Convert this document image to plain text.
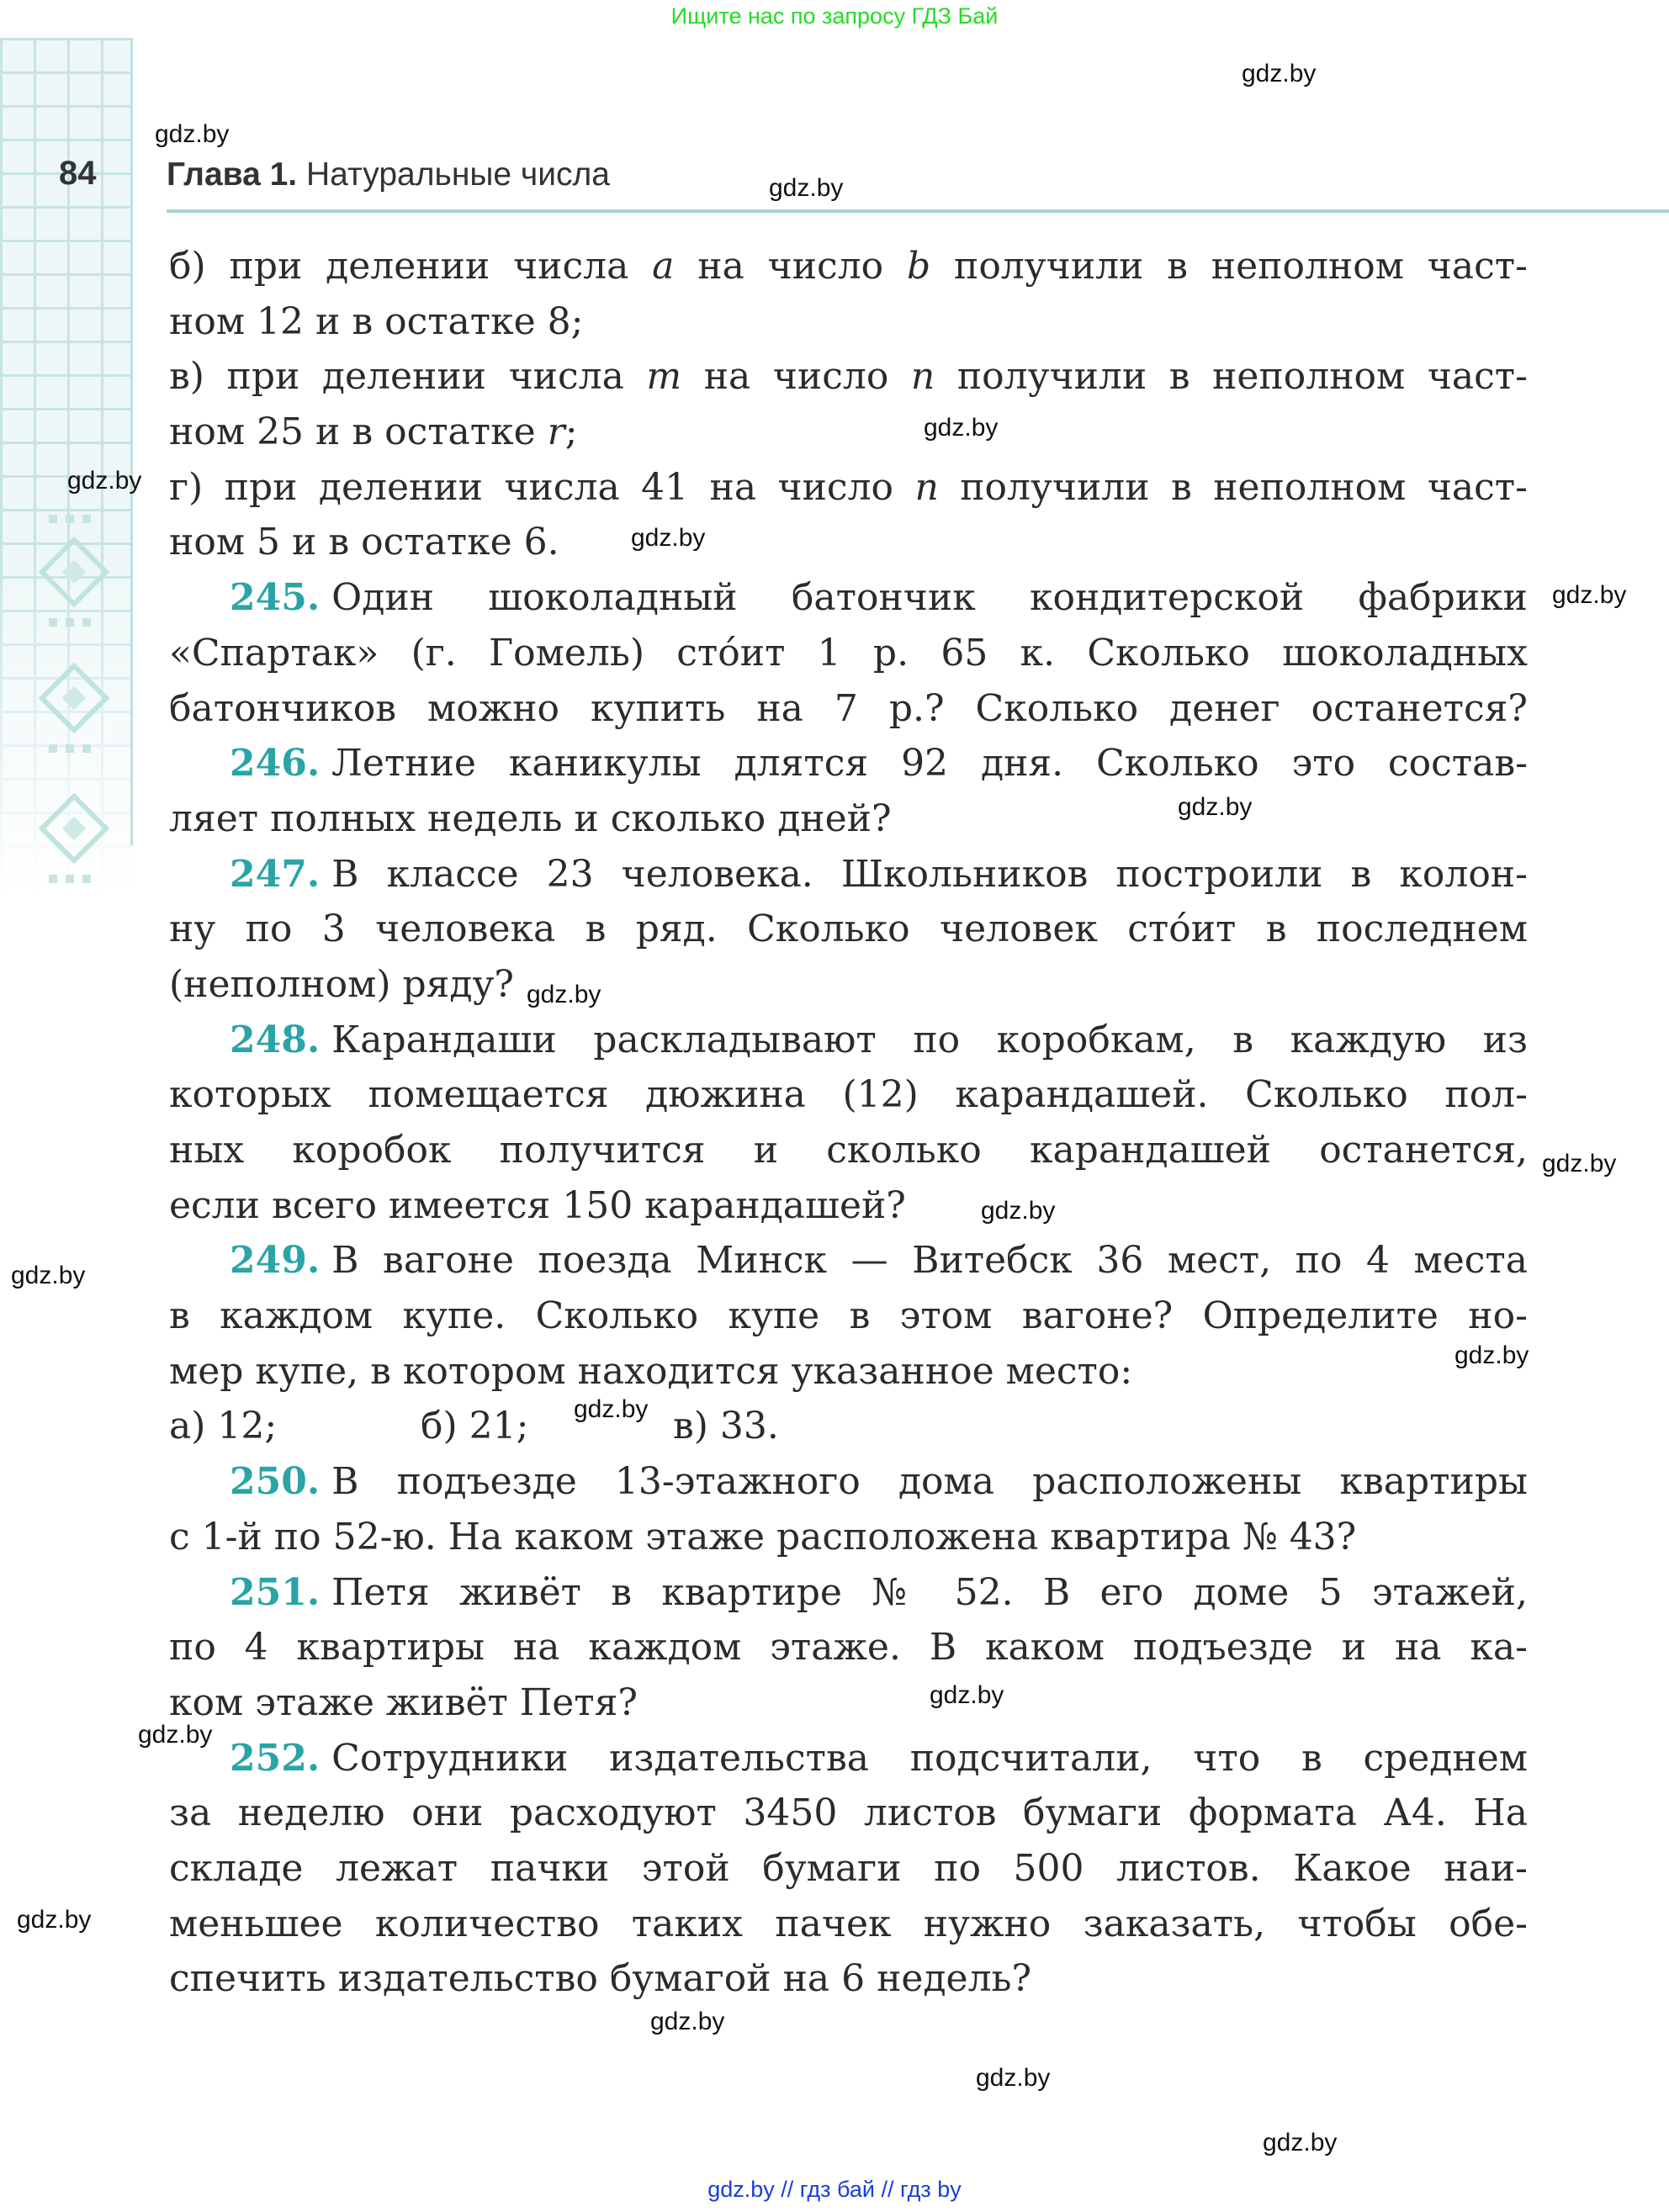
Ищите нас по запросу ГДЗ Бай
84 Глава 1. Натуральные числа
б) при делении числа a на число b получили в неполном част-
ном 12 и в остатке 8;
в) при делении числа m на число n получили в неполном част-
ном 25 и в остатке r;
г) при делении числа 41 на число n получили в неполном част-
ном 5 и в остатке 6.
245. Один шоколадный батончик кондитерской фабрики
«Спартак» (г. Гомель) сто́ит 1 р. 65 к. Сколько шоколадных
батончиков можно купить на 7 р.? Сколько денег останется?
246. Летние каникулы длятся 92 дня. Сколько это состав-
ляет полных недель и сколько дней?
247. В классе 23 человека. Школьников построили в колон-
ну по 3 человека в ряд. Сколько человек сто́ит в последнем
(неполном) ряду?
248. Карандаши раскладывают по коробкам, в каждую из
которых помещается дюжина (12) карандашей. Сколько пол-
ных коробок получится и сколько карандашей останется,
если всего имеется 150 карандашей?
249. В вагоне поезда Минск — Витебск 36 мест, по 4 места
в каждом купе. Сколько купе в этом вагоне? Определите но-
мер купе, в котором находится указанное место:
а) 12;	б) 21;	в) 33.
250. В подъезде 13-этажного дома расположены квартиры
с 1-й по 52-ю. На каком этаже расположена квартира № 43?
251. Петя живёт в квартире № 52. В его доме 5 этажей,
по 4 квартиры на каждом этаже. В каком подъезде и на ка-
ком этаже живёт Петя?
252. Сотрудники издательства подсчитали, что в среднем
за неделю они расходуют 3450 листов бумаги формата А4. На
складе лежат пачки этой бумаги по 500 листов. Какое наи-
меньшее количество таких пачек нужно заказать, чтобы обе-
спечить издательство бумагой на 6 недель?
gdz.by
gdz.by
gdz.by
gdz.by
gdz.by
gdz.by
gdz.by
gdz.by
gdz.by
gdz.by
gdz.by
gdz.by
gdz.by
gdz.by
gdz.by
gdz.by
gdz.by
gdz.by
gdz.by
gdz.by
gdz.by // гдз бай // гдз by
